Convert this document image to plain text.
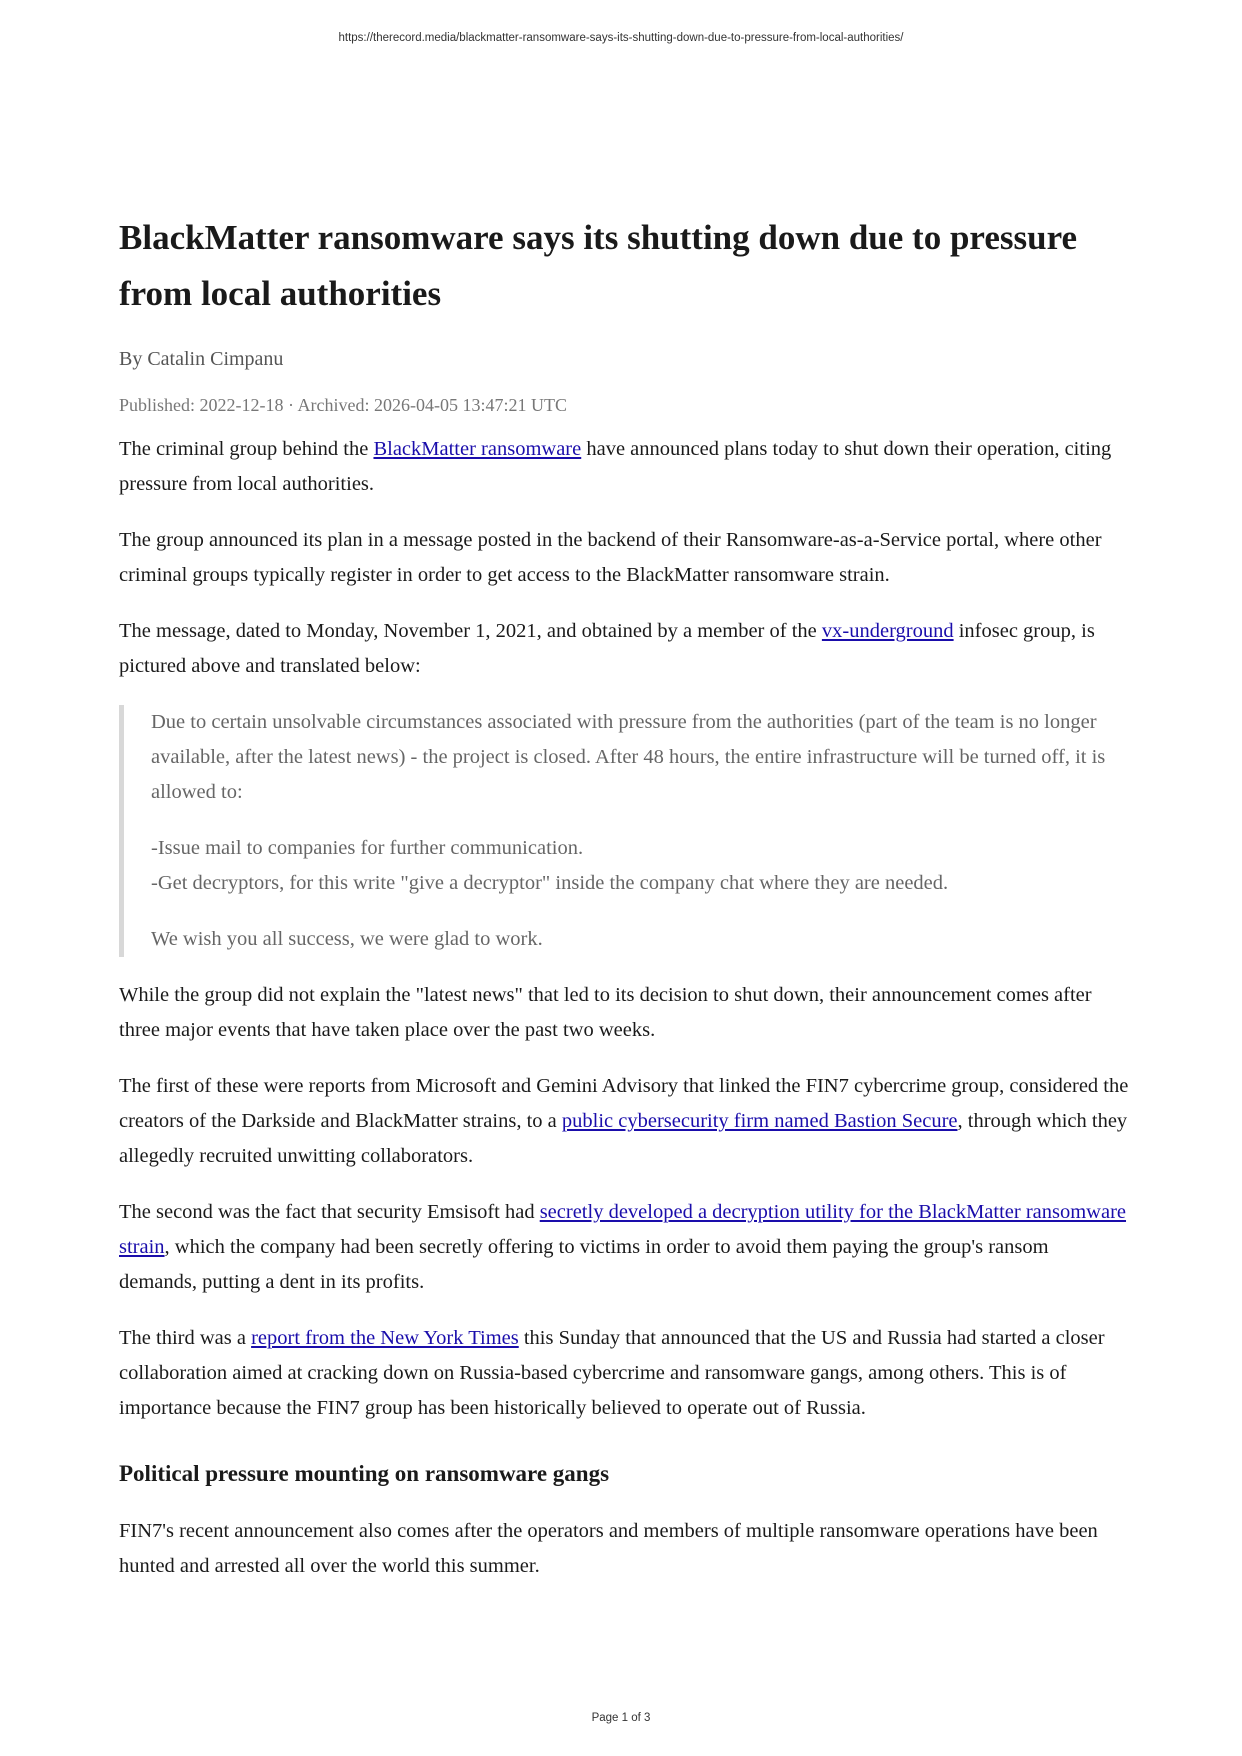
https://therecord.media/blackmatter-ransomware-says-its-shutting-down-due-to-pressure-from-local-authorities/
BlackMatter ransomware says its shutting down due to pressure from local authorities
By Catalin Cimpanu
Published: 2022-12-18 · Archived: 2026-04-05 13:47:21 UTC

The criminal group behind the BlackMatter ransomware have announced plans today to shut down their operation, citing pressure from local authorities.

The group announced its plan in a message posted in the backend of their Ransomware-as-a-Service portal, where other criminal groups typically register in order to get access to the BlackMatter ransomware strain.

The message, dated to Monday, November 1, 2021, and obtained by a member of the vx-underground infosec group, is pictured above and translated below:

Due to certain unsolvable circumstances associated with pressure from the authorities (part of the team is no longer available, after the latest news) - the project is closed. After 48 hours, the entire infrastructure will be turned off, it is allowed to:

-Issue mail to companies for further communication.
-Get decryptors, for this write "give a decryptor" inside the company chat where they are needed.

We wish you all success, we were glad to work.

While the group did not explain the "latest news" that led to its decision to shut down, their announcement comes after three major events that have taken place over the past two weeks.

The first of these were reports from Microsoft and Gemini Advisory that linked the FIN7 cybercrime group, considered the creators of the Darkside and BlackMatter strains, to a public cybersecurity firm named Bastion Secure, through which they allegedly recruited unwitting collaborators.

The second was the fact that security Emsisoft had secretly developed a decryption utility for the BlackMatter ransomware strain, which the company had been secretly offering to victims in order to avoid them paying the group's ransom demands, putting a dent in its profits.

The third was a report from the New York Times this Sunday that announced that the US and Russia had started a closer collaboration aimed at cracking down on Russia-based cybercrime and ransomware gangs, among others. This is of importance because the FIN7 group has been historically believed to operate out of Russia.

Political pressure mounting on ransomware gangs

FIN7's recent announcement also comes after the operators and members of multiple ransomware operations have been hunted and arrested all over the world this summer.

Page 1 of 3
